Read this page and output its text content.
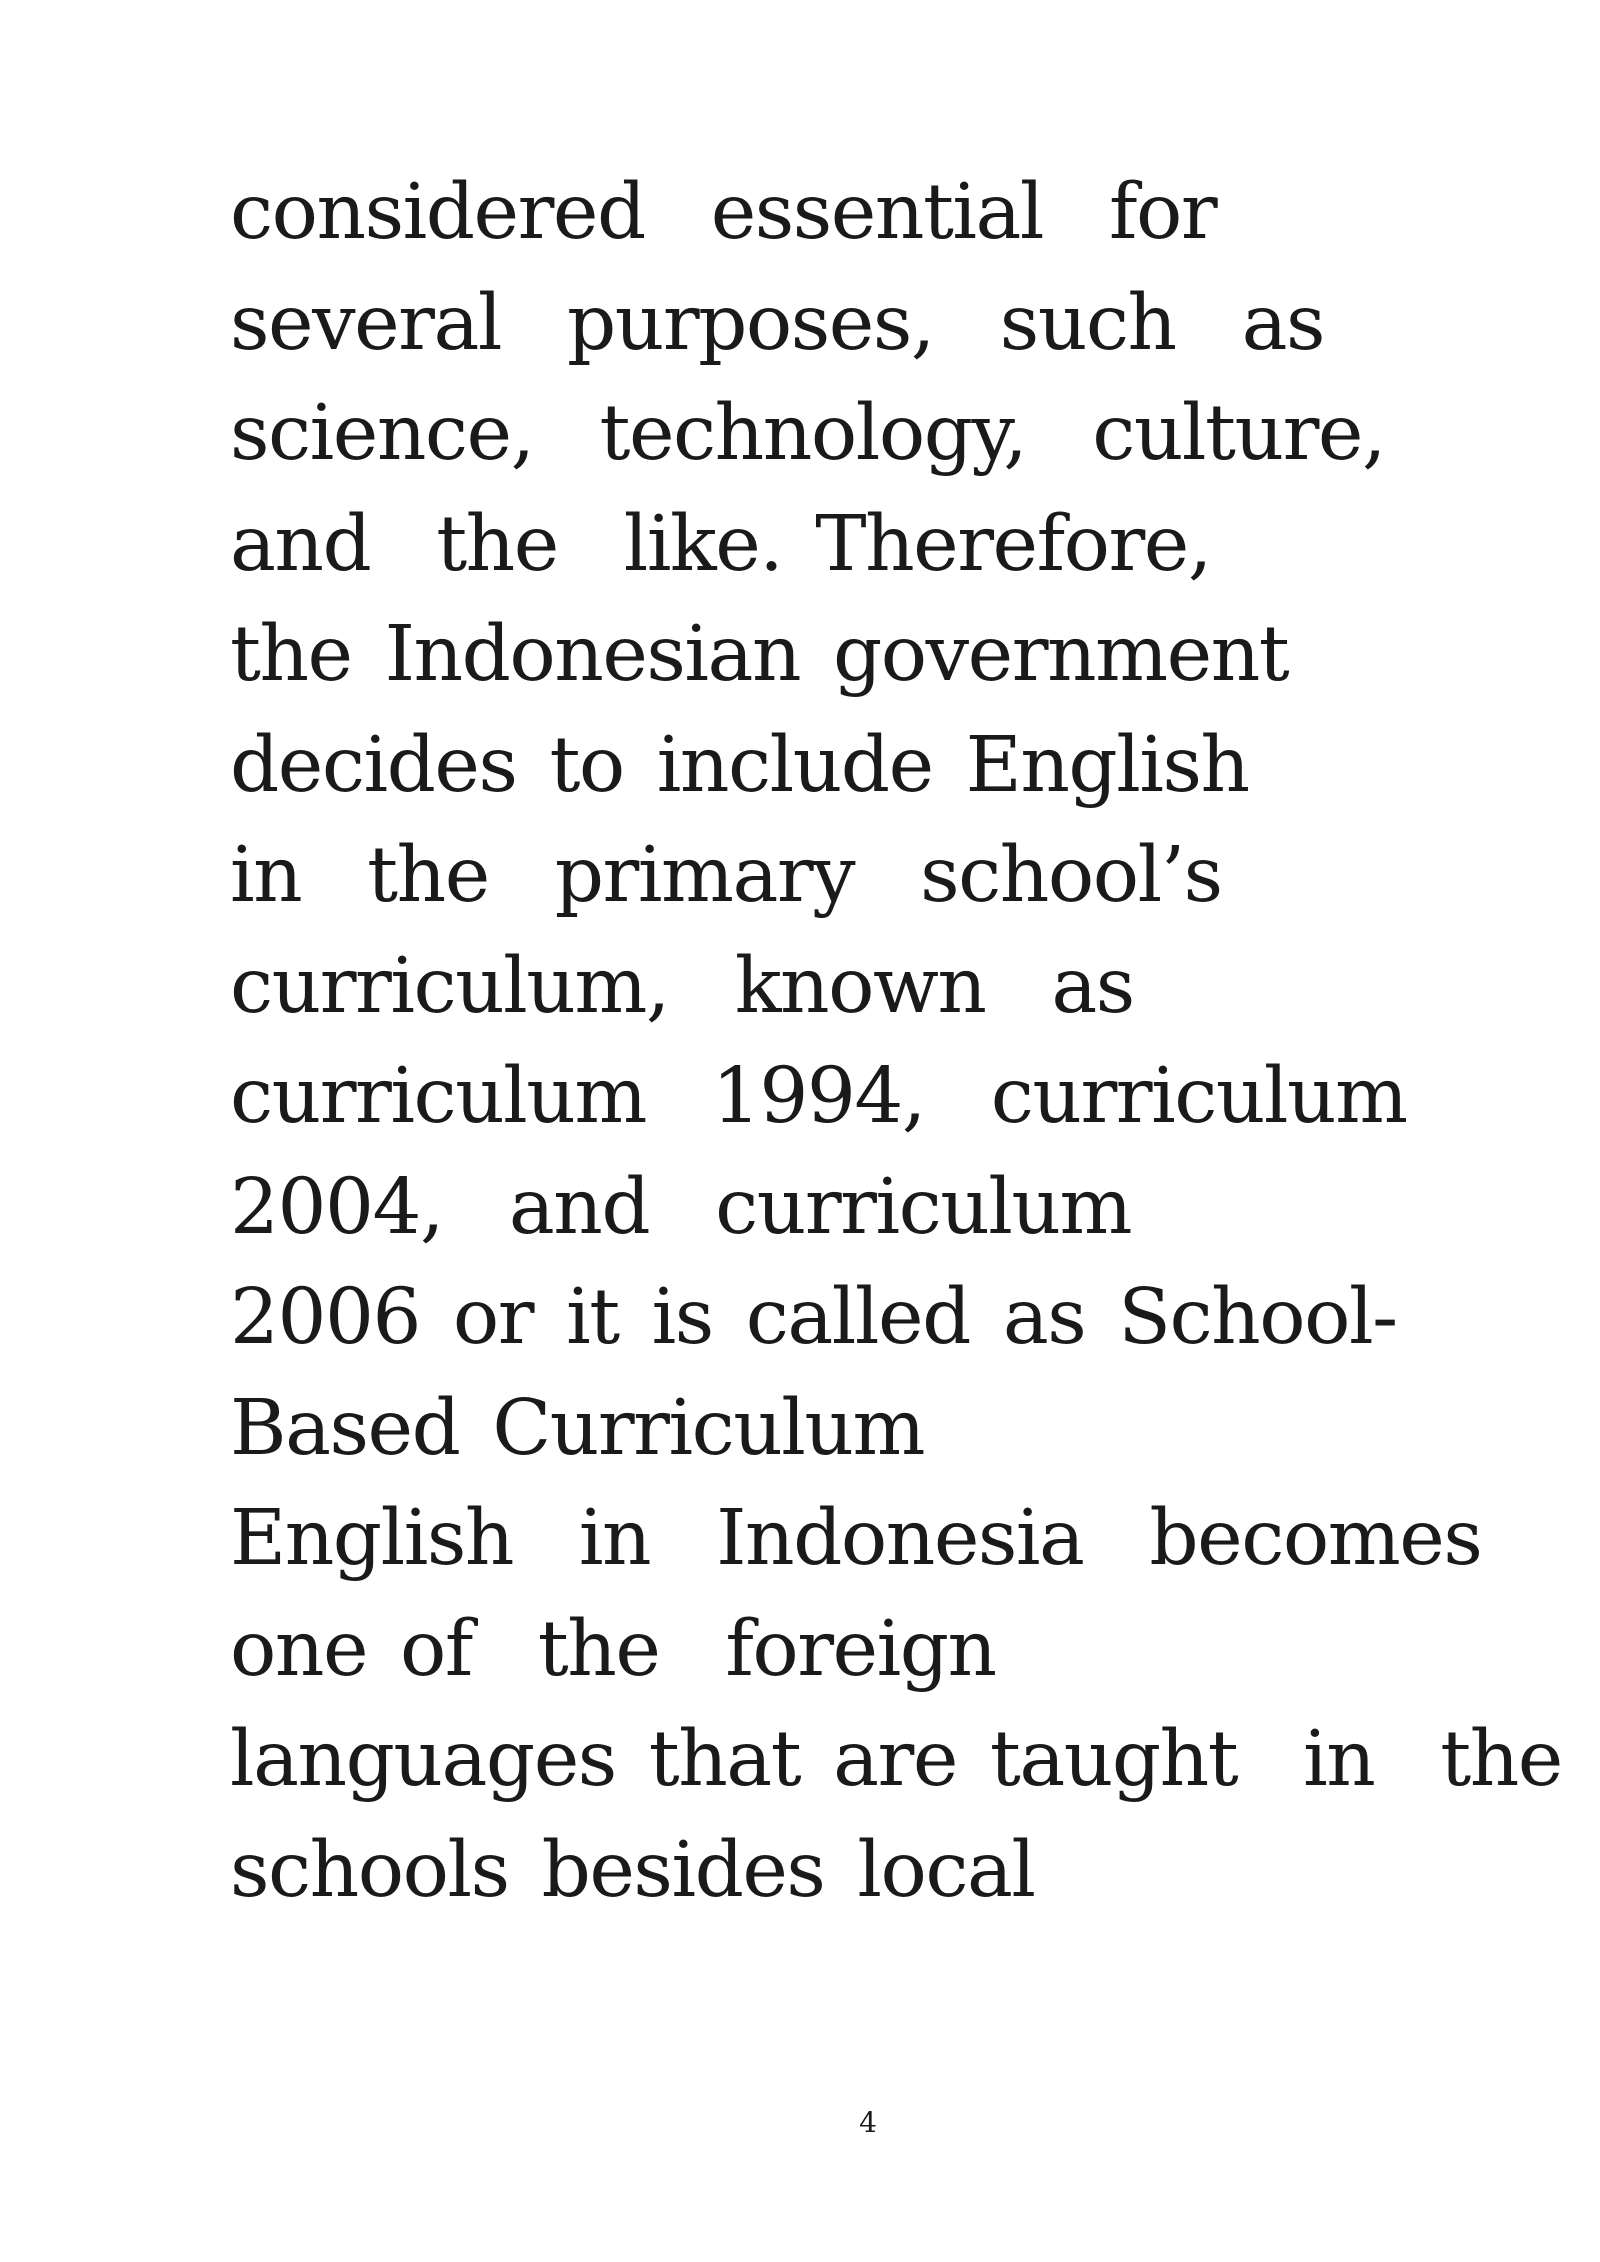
considered  essential  for
several  purposes,  such  as
science,  technology,  culture,
and  the  like. Therefore,
the Indonesian government
decides to include English
in  the  primary  school’s
curriculum,  known  as
curriculum  1994,  curriculum
2004,  and  curriculum
2006 or it is called as School-
Based Curriculum
English  in  Indonesia  becomes
one of  the  foreign
languages that are taught  in  the
schools besides local
4
